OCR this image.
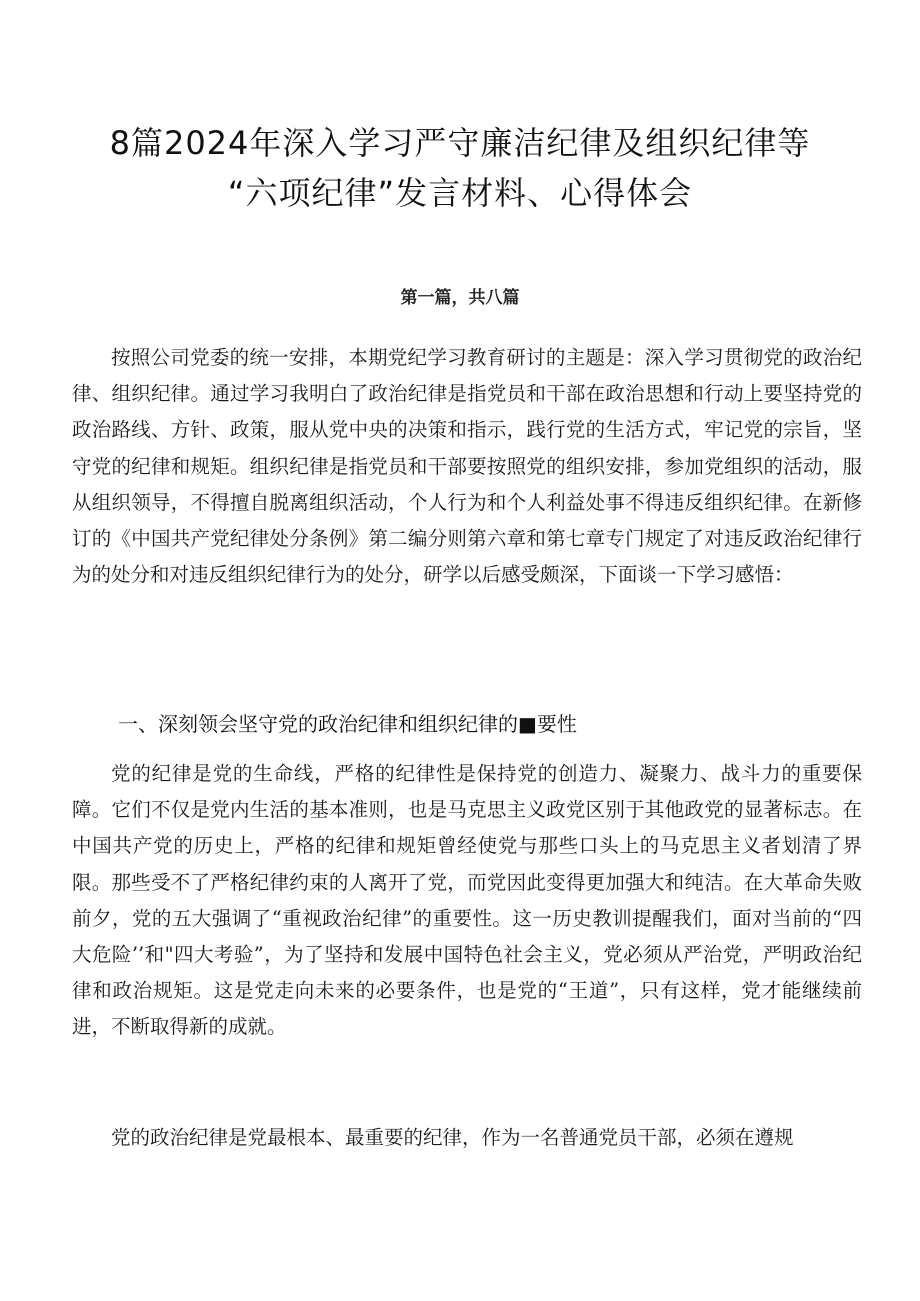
8篇2024年深入学习严守廉洁纪律及组织纪律等
“六项纪律”发言材料、心得体会
第一篇，共八篇
按照公司党委的统一安排，本期党纪学习教育研讨的主题是：深入学习贯彻党的政治纪律、组织纪律。通过学习我明白了政治纪律是指党员和干部在政治思想和行动上要坚持党的政治路线、方针、政策，服从党中央的决策和指示，践行党的生活方式，牢记党的宗旨，坚守党的纪律和规矩。组织纪律是指党员和干部要按照党的组织安排，参加党组织的活动，服从组织领导，不得擅自脱离组织活动，个人行为和个人利益处事不得违反组织纪律。在新修订的《中国共产党纪律处分条例》第二编分则第六章和第七章专门规定了对违反政治纪律行为的处分和对违反组织纪律行为的处分，研学以后感受颇深，下面谈一下学习感悟：
一、深刻领会坚守党的政治纪律和组织纪律的■要性
党的纪律是党的生命线，严格的纪律性是保持党的创造力、凝聚力、战斗力的重要保障。它们不仅是党内生活的基本准则，也是马克思主义政党区别于其他政党的显著标志。在中国共产党的历史上，严格的纪律和规矩曾经使党与那些口头上的马克思主义者划清了界限。那些受不了严格纪律约束的人离开了党，而党因此变得更加强大和纯洁。在大革命失败前夕，党的五大强调了“重视政治纪律”的重要性。这一历史教训提醒我们，面对当前的“四大危险’’和"四大考验”，为了坚持和发展中国特色社会主义，党必须从严治党，严明政治纪律和政治规矩。这是党走向未来的必要条件，也是党的“王道”，只有这样，党才能继续前进，不断取得新的成就。
党的政治纪律是党最根本、最重要的纪律，作为一名普通党员干部，必须在遵规
